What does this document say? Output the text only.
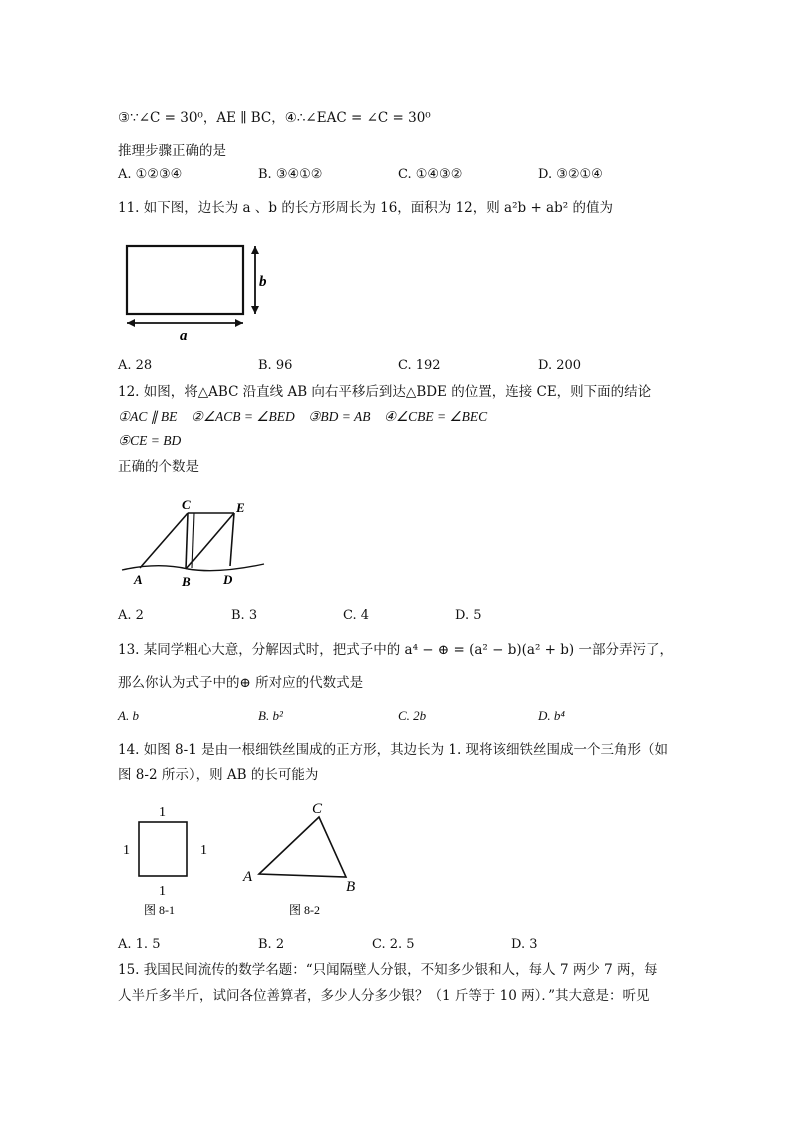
③∵∠C = 30⁰，AE ∥ BC，④∴∠EAC = ∠C = 30⁰
推理步骤正确的是
A. ①②③④	B. ③④①②	C. ①④③②	D. ③②①④
11. 如下图，边长为 a 、b 的长方形周长为 16，面积为 12，则 a²b + ab² 的值为
b
a
A. 28	B. 96	C. 192	D. 200
12. 如图，将△ABC 沿直线 AB 向右平移后到达△BDE 的位置，连接 CE，则下面的结论
①AC ∥ BE　②∠ACB = ∠BED　③BD = AB　④∠CBE = ∠BEC
⑤CE = BD
正确的个数是
A	B
C
D
E
A. 2	B. 3	C. 4	D. 5
13. 某同学粗心大意，分解因式时，把式子中的 a⁴ − ⊕ = (a² − b)(a² + b) 一部分弄污了，
那么你认为式子中的⊕ 所对应的代数式是
A. b	B. b²	C. 2b	D. b⁴
14. 如图 8-1 是由一根细铁丝围成的正方形，其边长为 1. 现将该细铁丝围成一个三角形（如
图 8-2 所示），则 AB 的长可能为
1
1	1
1
图 8-1
A
B
C
图 8-2
A. 1. 5	B. 2	C. 2. 5	D. 3
15. 我国民间流传的数学名题：“只闻隔壁人分银，不知多少银和人，每人 7 两少 7 两，每
人半斤多半斤，试问各位善算者，多少人分多少银？（1 斤等于 10 两）．”其大意是：听见
